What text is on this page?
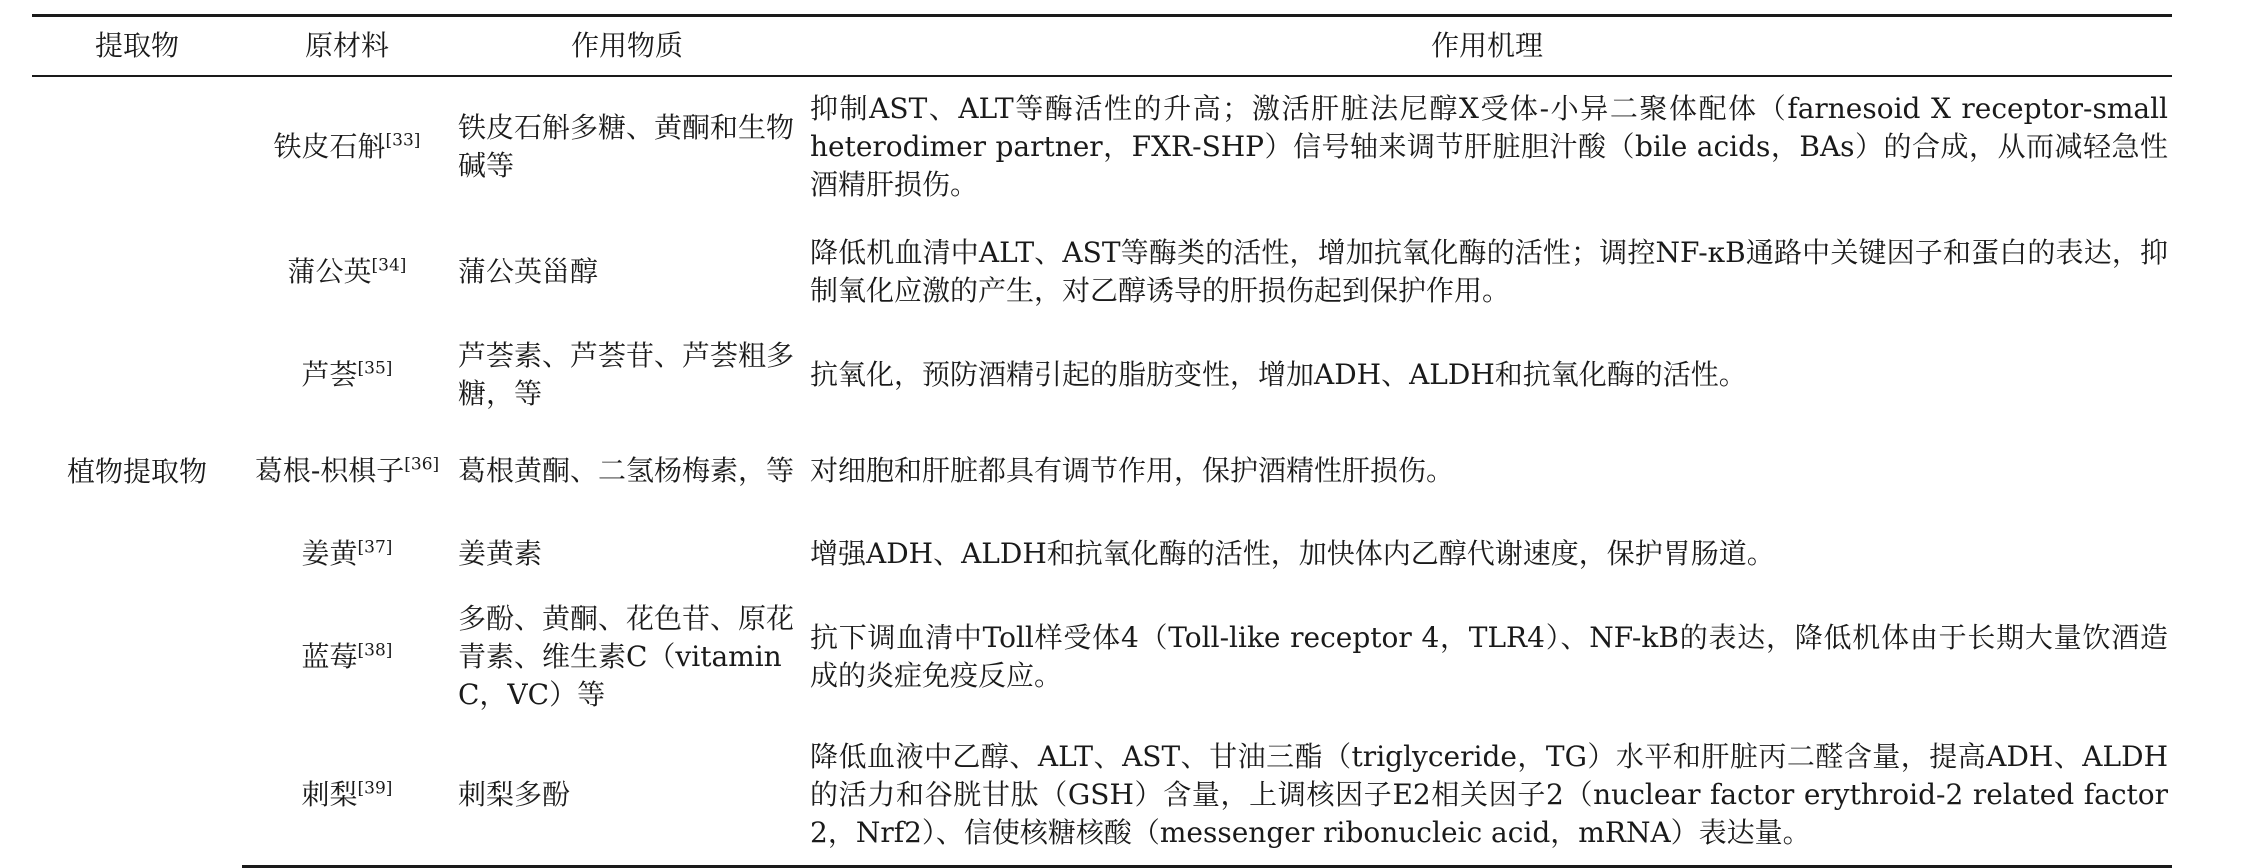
提取物	原材料	作用物质	作用机理
植物提取物	铁皮石斛[33]	铁皮石斛多糖、黄酮和生物碱等	抑制AST、ALT等酶活性的升高；激活肝脏法尼醇X受体-小异二聚体配体（farnesoid X receptor-small heterodimer partner，FXR-SHP）信号轴来调节肝脏胆汁酸（bile acids，BAs）的合成，从而减轻急性酒精肝损伤。
	蒲公英[34]	蒲公英甾醇	降低机血清中ALT、AST等酶类的活性，增加抗氧化酶的活性；调控NF-κB通路中关键因子和蛋白的表达，抑制氧化应激的产生，对乙醇诱导的肝损伤起到保护作用。
	芦荟[35]	芦荟素、芦荟苷、芦荟粗多糖，等	抗氧化，预防酒精引起的脂肪变性，增加ADH、ALDH和抗氧化酶的活性。
	葛根-枳椇子[36]	葛根黄酮、二氢杨梅素，等	对细胞和肝脏都具有调节作用，保护酒精性肝损伤。
	姜黄[37]	姜黄素	增强ADH、ALDH和抗氧化酶的活性，加快体内乙醇代谢速度，保护胃肠道。
	蓝莓[38]	多酚、黄酮、花色苷、原花青素、维生素C（vitamin C，VC）等	抗下调血清中Toll样受体4（Toll-like receptor 4，TLR4）、NF-kB的表达，降低机体由于长期大量饮酒造成的炎症免疫反应。
	刺梨[39]	刺梨多酚	降低血液中乙醇、ALT、AST、甘油三酯（triglyceride，TG）水平和肝脏丙二醛含量，提高ADH、ALDH的活力和谷胱甘肽（GSH）含量，上调核因子E2相关因子2（nuclear factor erythroid-2 related factor 2，Nrf2）、信使核糖核酸（messenger ribonucleic acid，mRNA）表达量。
